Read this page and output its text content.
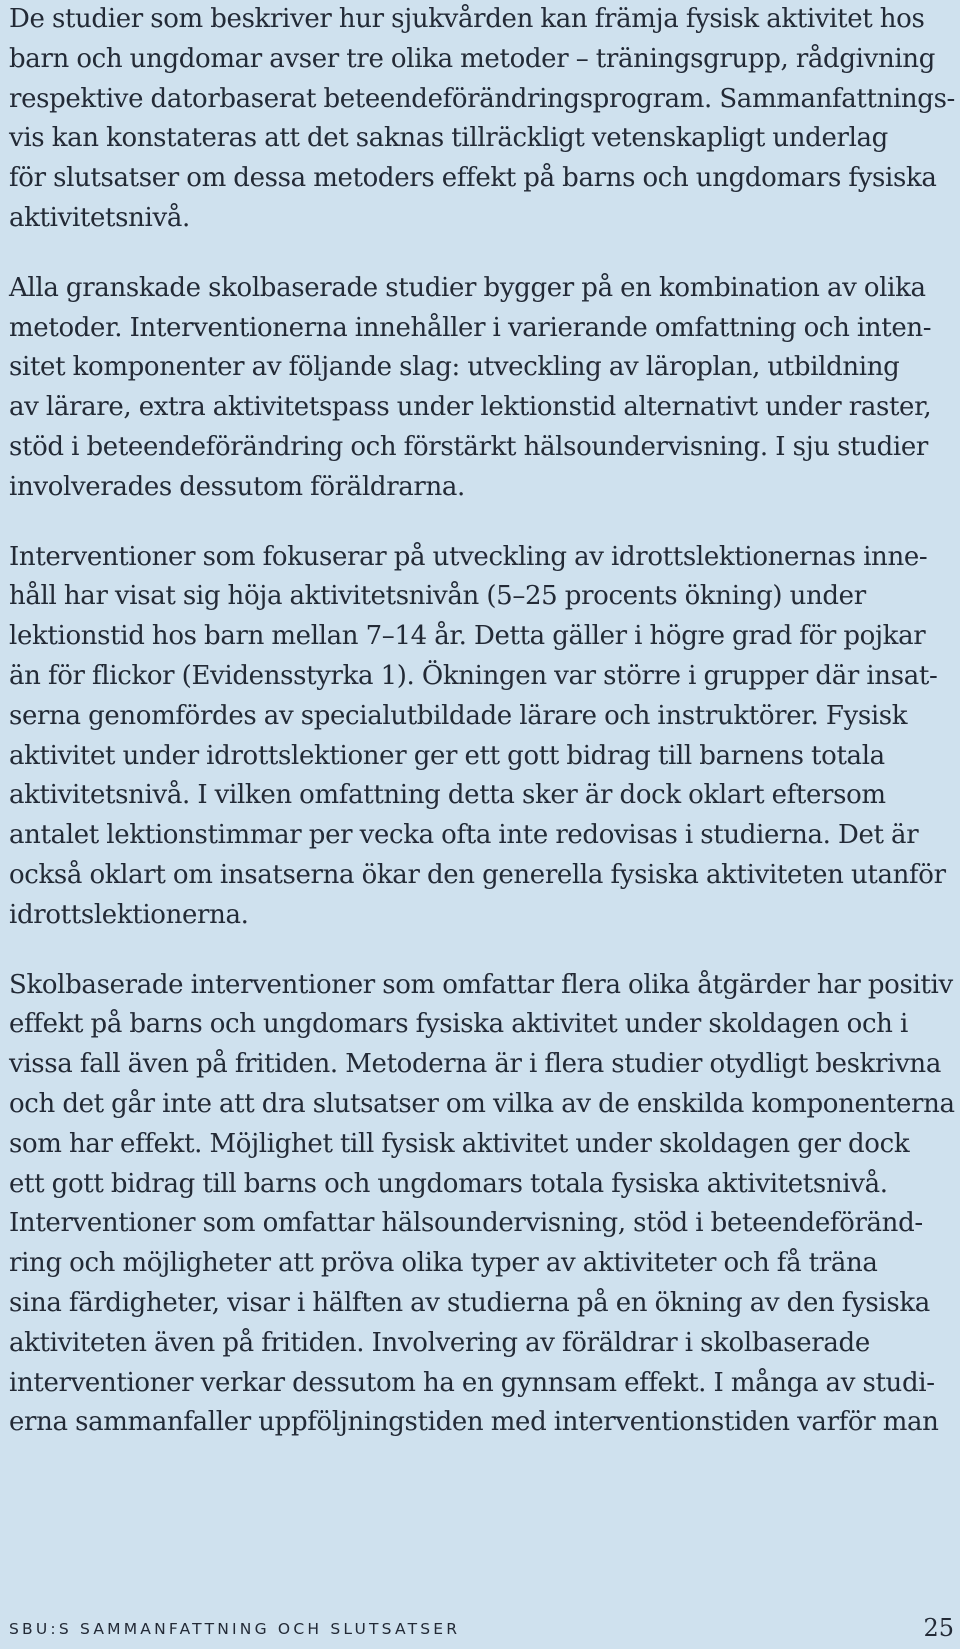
De studier som beskriver hur sjukvården kan främja fysisk aktivitet hos
barn och ungdomar avser tre olika metoder – träningsgrupp, rådgivning
respektive datorbaserat beteendeförändringsprogram. Sammanfattnings-
vis kan konstateras att det saknas tillräckligt vetenskapligt underlag
för slutsatser om dessa metoders effekt på barns och ungdomars fysiska
aktivitetsnivå.
Alla granskade skolbaserade studier bygger på en kombination av olika
metoder. Interventionerna innehåller i varierande omfattning och inten-
sitet komponenter av följande slag: utveckling av läroplan, utbildning
av lärare, extra aktivitetspass under lektionstid alternativt under raster,
stöd i beteendeförändring och förstärkt hälsoundervisning. I sju studier
involverades dessutom föräldrarna.
Interventioner som fokuserar på utveckling av idrottslektionernas inne-
håll har visat sig höja aktivitetsnivån (5–25 procents ökning) under
lektionstid hos barn mellan 7–14 år. Detta gäller i högre grad för pojkar
än för flickor (Evidensstyrka 1). Ökningen var större i grupper där insat-
serna genomfördes av specialutbildade lärare och instruktörer. Fysisk
aktivitet under idrottslektioner ger ett gott bidrag till barnens totala
aktivitetsnivå. I vilken omfattning detta sker är dock oklart eftersom
antalet lektionstimmar per vecka ofta inte redovisas i studierna. Det är
också oklart om insatserna ökar den generella fysiska aktiviteten utanför
idrottslektionerna.
Skolbaserade interventioner som omfattar flera olika åtgärder har positiv
effekt på barns och ungdomars fysiska aktivitet under skoldagen och i
vissa fall även på fritiden. Metoderna är i flera studier otydligt beskrivna
och det går inte att dra slutsatser om vilka av de enskilda komponenterna
som har effekt. Möjlighet till fysisk aktivitet under skoldagen ger dock
ett gott bidrag till barns och ungdomars totala fysiska aktivitetsnivå.
Interventioner som omfattar hälsoundervisning, stöd i beteendeföränd-
ring och möjligheter att pröva olika typer av aktiviteter och få träna
sina färdigheter, visar i hälften av studierna på en ökning av den fysiska
aktiviteten även på fritiden. Involvering av föräldrar i skolbaserade
interventioner verkar dessutom ha en gynnsam effekt. I många av studi-
erna sammanfaller uppföljningstiden med interventionstiden varför man
SBU:S SAMMANFATTNING OCH SLUTSATSER	25
